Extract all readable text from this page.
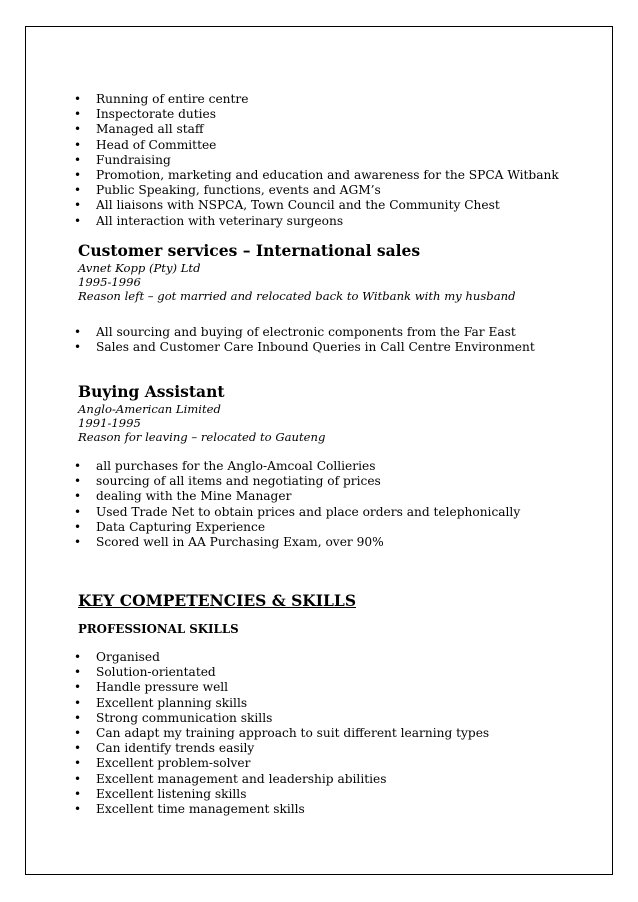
• Running of entire centre
• Inspectorate duties
• Managed all staff
• Head of Committee
• Fundraising
• Promotion, marketing and education and awareness for the SPCA Witbank
• Public Speaking, functions, events and AGM’s
• All liaisons with NSPCA, Town Council and the Community Chest
• All interaction with veterinary surgeons
Customer services – International sales
Avnet Kopp (Pty) Ltd
1995-1996
Reason left – got married and relocated back to Witbank with my husband
• All sourcing and buying of electronic components from the Far East
• Sales and Customer Care Inbound Queries in Call Centre Environment
Buying Assistant
Anglo-American Limited
1991-1995
Reason for leaving – relocated to Gauteng
• all purchases for the Anglo-Amcoal Collieries
• sourcing of all items and negotiating of prices
• dealing with the Mine Manager
• Used Trade Net to obtain prices and place orders and telephonically
• Data Capturing Experience
• Scored well in AA Purchasing Exam, over 90%
KEY COMPETENCIES & SKILLS
PROFESSIONAL SKILLS
• Organised
• Solution-orientated
• Handle pressure well
• Excellent planning skills
• Strong communication skills
• Can adapt my training approach to suit different learning types
• Can identify trends easily
• Excellent problem-solver
• Excellent management and leadership abilities
• Excellent listening skills
• Excellent time management skills
